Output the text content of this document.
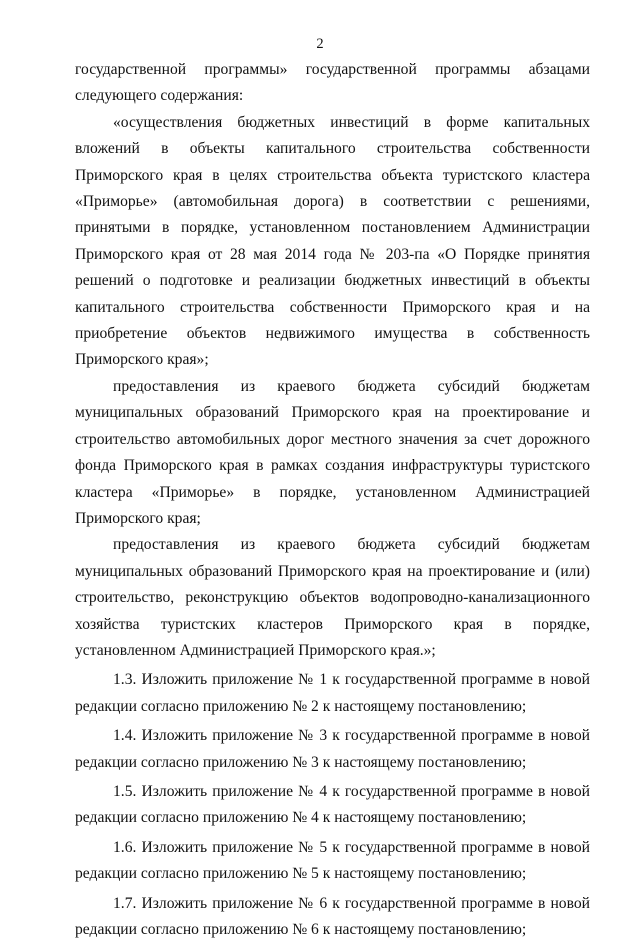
2

государственной программы» государственной программы абзацами следующего содержания:

«осуществления бюджетных инвестиций в форме капитальных вложений в объекты капитального строительства собственности Приморского края в целях строительства объекта туристского кластера «Приморье» (автомобильная дорога) в соответствии с решениями, принятыми в порядке, установленном постановлением Администрации Приморского края от 28 мая 2014 года № 203-па «О Порядке принятия решений о подготовке и реализации бюджетных инвестиций в объекты капитального строительства собственности Приморского края и на приобретение объектов недвижимого имущества в собственность Приморского края»;

предоставления из краевого бюджета субсидий бюджетам муниципальных образований Приморского края на проектирование и строительство автомобильных дорог местного значения за счет дорожного фонда Приморского края в рамках создания инфраструктуры туристского кластера «Приморье» в порядке, установленном Администрацией Приморского края;

предоставления из краевого бюджета субсидий бюджетам муниципальных образований Приморского края на проектирование и (или) строительство, реконструкцию объектов водопроводно-канализационного хозяйства туристских кластеров Приморского края в порядке, установленном Администрацией Приморского края.»;

1.3. Изложить приложение № 1 к государственной программе в новой редакции согласно приложению № 2 к настоящему постановлению;

1.4. Изложить приложение № 3 к государственной программе в новой редакции согласно приложению № 3 к настоящему постановлению;

1.5. Изложить приложение № 4 к государственной программе в новой редакции согласно приложению № 4 к настоящему постановлению;

1.6. Изложить приложение № 5 к государственной программе в новой редакции согласно приложению № 5 к настоящему постановлению;

1.7. Изложить приложение № 6 к государственной программе в новой редакции согласно приложению № 6 к настоящему постановлению;
